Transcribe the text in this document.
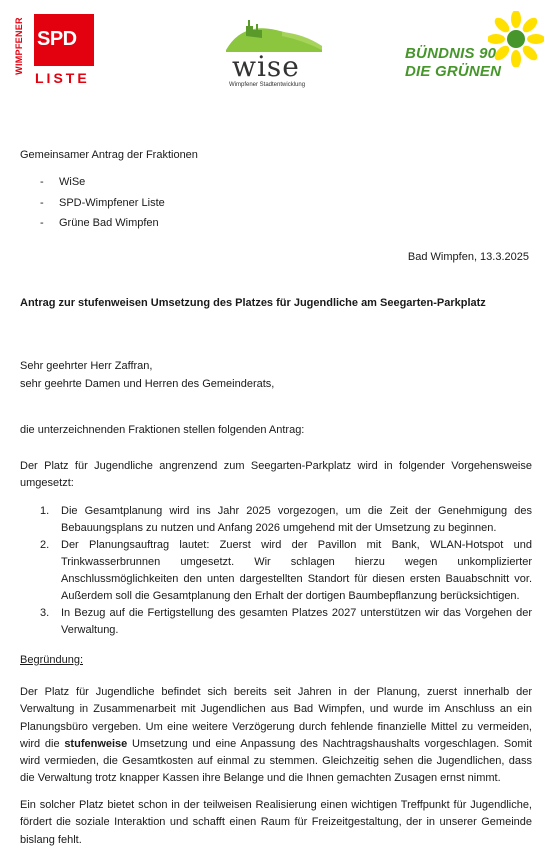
WIMPFENER SPD
LISTE	wise
Wimpfener Stadtentwicklung
BÜNDNIS 90
DIE GRÜNEN
Gemeinsamer Antrag der Fraktionen
- WiSe
- SPD-Wimpfener Liste
- Grüne Bad Wimpfen
Bad Wimpfen, 13.3.2025
Antrag zur stufenweisen Umsetzung des Platzes für Jugendliche am Seegarten-Parkplatz
Sehr geehrter Herr Zaffran,
sehr geehrte Damen und Herren des Gemeinderats,
die unterzeichnenden Fraktionen stellen folgenden Antrag:
Der Platz für Jugendliche angrenzend zum Seegarten-Parkplatz wird in folgender Vorgehensweise umgesetzt:
1. Die Gesamtplanung wird ins Jahr 2025 vorgezogen, um die Zeit der Genehmigung des Bebauungsplans zu nutzen und Anfang 2026 umgehend mit der Umsetzung zu beginnen.
2. Der Planungsauftrag lautet: Zuerst wird der Pavillon mit Bank, WLAN-Hotspot und Trinkwasserbrunnen umgesetzt. Wir schlagen hierzu wegen unkomplizierter Anschlussmöglichkeiten den unten dargestellten Standort für diesen ersten Bauabschnitt vor. Außerdem soll die Gesamtplanung den Erhalt der dortigen Baumbepflanzung berücksichtigen.
3. In Bezug auf die Fertigstellung des gesamten Platzes 2027 unterstützen wir das Vorgehen der Verwaltung.
Begründung:
Der Platz für Jugendliche befindet sich bereits seit Jahren in der Planung, zuerst innerhalb der Verwaltung in Zusammenarbeit mit Jugendlichen aus Bad Wimpfen, und wurde im Anschluss an ein Planungsbüro vergeben. Um eine weitere Verzögerung durch fehlende finanzielle Mittel zu vermeiden, wird die stufenweise Umsetzung und eine Anpassung des Nachtragshaushalts vorgeschlagen. Somit wird vermieden, die Gesamtkosten auf einmal zu stemmen. Gleichzeitig sehen die Jugendlichen, dass die Verwaltung trotz knapper Kassen ihre Belange und die Ihnen gemachten Zusagen ernst nimmt.
Ein solcher Platz bietet schon in der teilweisen Realisierung einen wichtigen Treffpunkt für Jugendliche, fördert die soziale Interaktion und schafft einen Raum für Freizeitgestaltung, der in unserer Gemeinde bislang fehlt.
